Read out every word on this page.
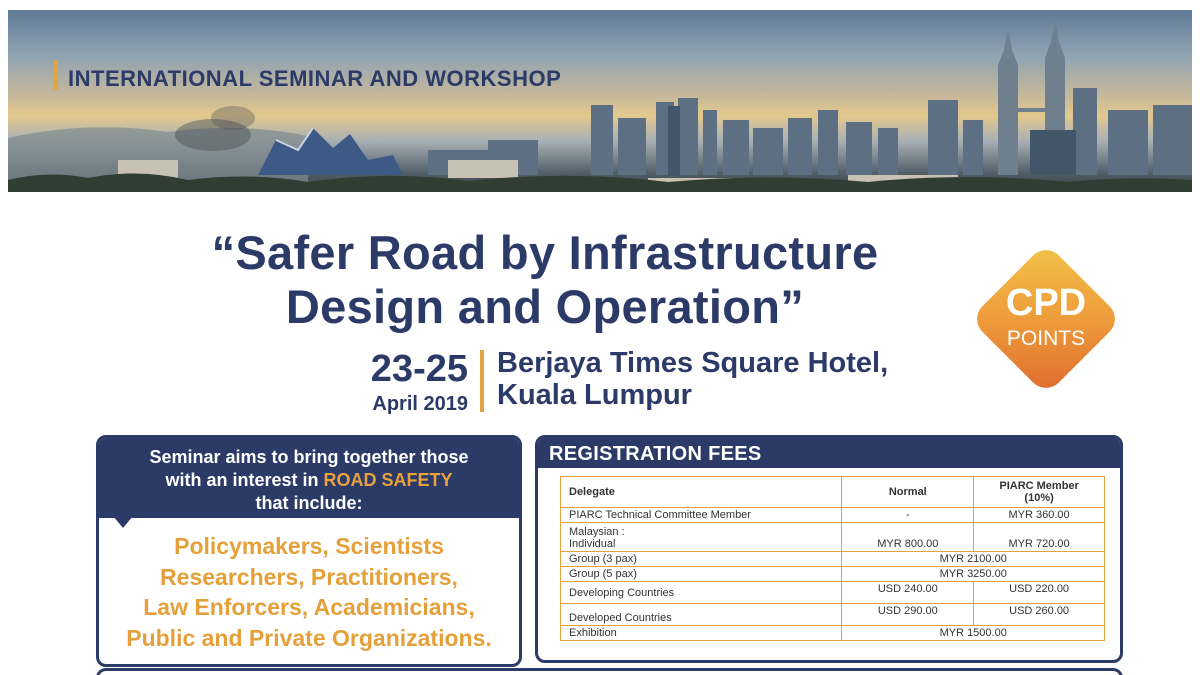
INTERNATIONAL SEMINAR AND WORKSHOP
“Safer Road by Infrastructure
Design and Operation”
23-25
April 2019
Berjaya Times Square Hotel,
Kuala Lumpur
CPD
POINTS
Seminar aims to bring together those
with an interest in ROAD SAFETY
that include:
Policymakers, Scientists
Researchers, Practitioners,
Law Enforcers, Academicians,
Public and Private Organizations.
REGISTRATION FEES
Delegate	Normal	PIARC Member
(10%)

PIARC Technical Committee Member	-	MYR 360.00

Malaysian :
Individual	MYR 800.00	MYR 720.00
Group (3 pax)	MYR 2100.00	
Group (5 pax)	MYR 3250.00	
Developing Countries	USD 240.00	USD 220.00
Developed Countries	USD 290.00	USD 260.00
Exhibition	MYR 1500.00	
